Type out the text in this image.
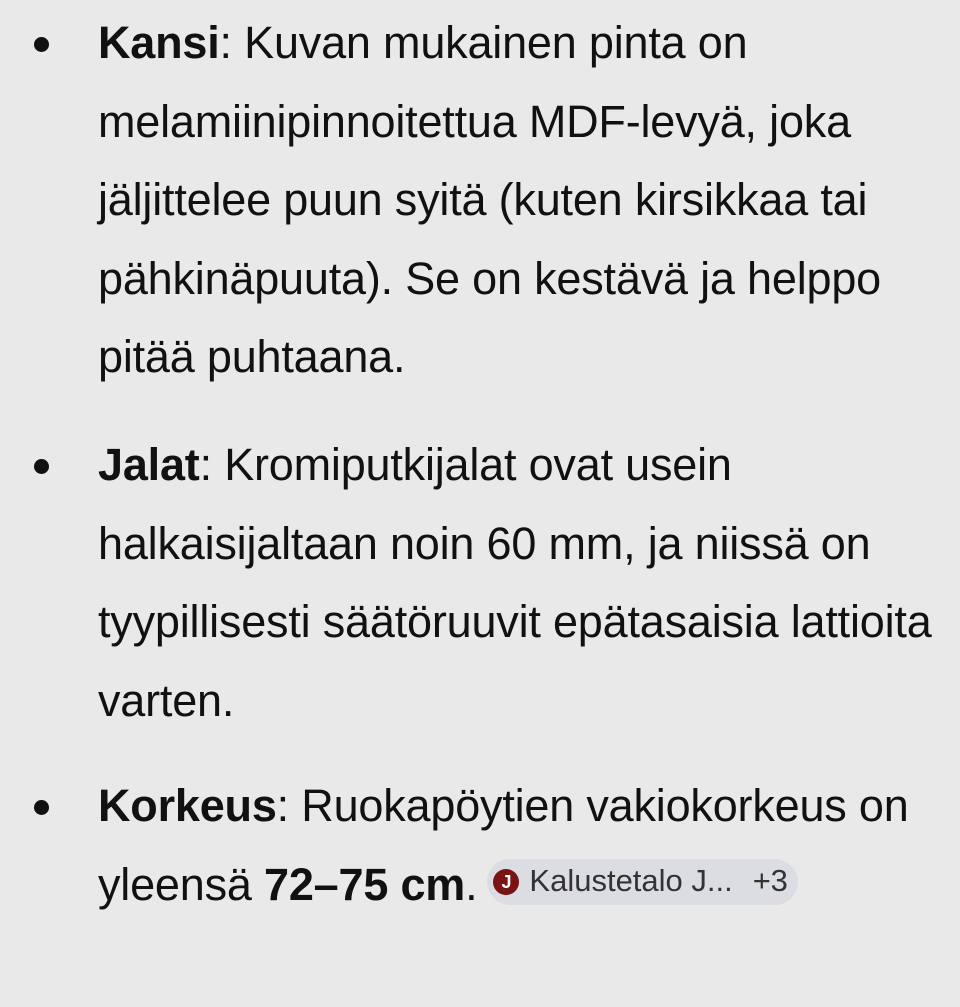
Kansi: Kuvan mukainen pinta on melamiinipinnoitettua MDF-levyä, joka jäljittelee puun syitä (kuten kirsikkaa tai pähkinäpuuta). Se on kestävä ja helppo pitää puhtaana.
Jalat: Kromiputkijalat ovat usein halkaisijaltaan noin 60 mm, ja niissä on tyypillisesti säätöruuvit epätasaisia lattioita varten.
Korkeus: Ruokapöytien vakiokorkeus on yleensä 72–75 cm.	J Kalustetalo J... +3
